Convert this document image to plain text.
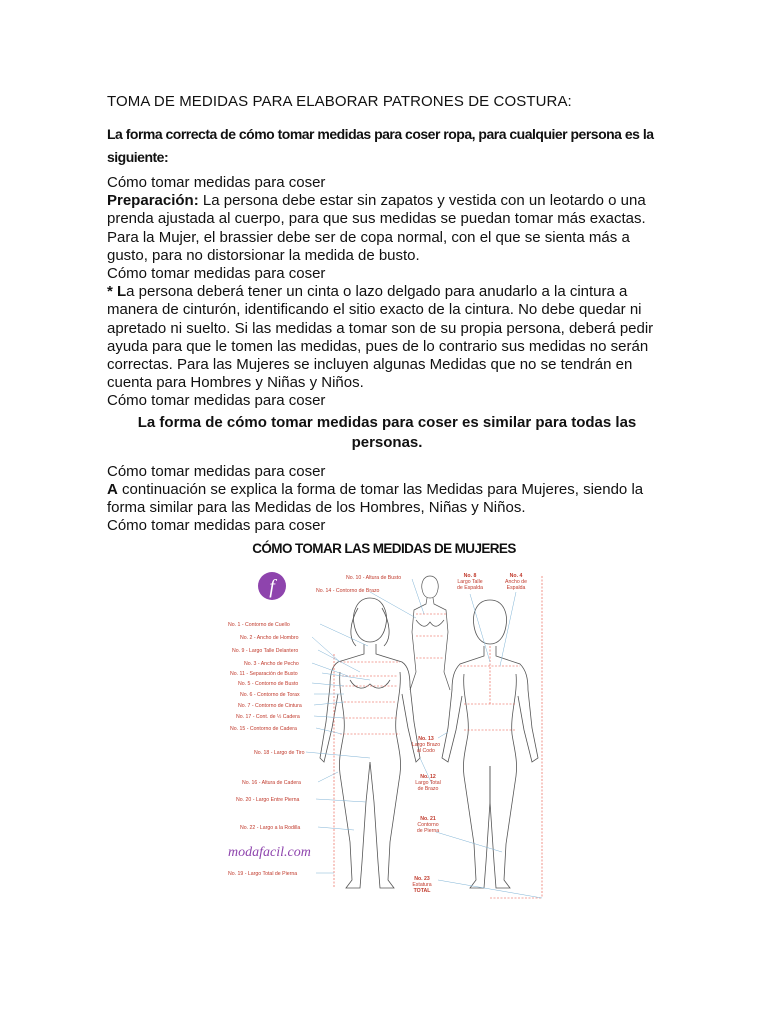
TOMA DE MEDIDAS PARA ELABORAR PATRONES DE COSTURA:
La forma correcta de cómo tomar medidas para coser ropa, para cualquier persona es la siguiente:

Cómo tomar medidas para coser

Preparación: La persona debe estar sin zapatos y vestida con un leotardo o una prenda ajustada al cuerpo, para que sus medidas se puedan tomar más exactas. Para la Mujer, el brassier debe ser de copa normal, con el que se sienta más a gusto, para no distorsionar la medida de busto.

Cómo tomar medidas para coser

* La persona deberá tener un cinta o lazo delgado para anudarlo a la cintura a manera de cinturón, identificando el sitio exacto de la cintura. No debe quedar ni apretado ni suelto. Si las medidas a tomar son de su propia persona, deberá pedir ayuda para que le tomen las medidas, pues de lo contrario sus medidas no serán correctas. Para las Mujeres se incluyen algunas Medidas que no se tendrán en cuenta para Hombres y Niñas y Niños.

Cómo tomar medidas para coser

La forma de cómo tomar medidas para coser es similar para todas las personas.

Cómo tomar medidas para coser

A continuación se explica la forma de tomar las Medidas para Mujeres, siendo la forma similar para las Medidas de los Hombres, Niñas y Niños.

Cómo tomar medidas para coser

CÓMO TOMAR LAS MEDIDAS DE MUJERES
f
No. 1 - Contorno de Cuello
No. 2 - Ancho de Hombro
No. 9 - Largo Talle Delantero
No. 3 - Ancho de Pecho
No. 11 - Separación de Busto
No. 5 - Contorno de Busto
No. 6 - Contorno de Torax
No. 7 - Contorno de Cintura
No. 17 - Cont. de ½ Cadera
No. 15 - Contorno de Cadera
No. 18 - Largo de Tiro
No. 16 - Altura de Cadera
No. 20 - Largo Entre Pierna
No. 22 - Largo a la Rodilla
No. 19 - Largo Total de Pierna
No. 10 - Altura de Busto
No. 14 - Contorno de Brazo
No. 8
Largo Talle
de Espalda
No. 4
Ancho de
Espalda
No. 13
Largo Brazo
al Codo
No. 12
Largo Total
de Brazo
No. 21
Contorno
de Pierna
No. 23
Estatura
TOTAL
modafacil.com
